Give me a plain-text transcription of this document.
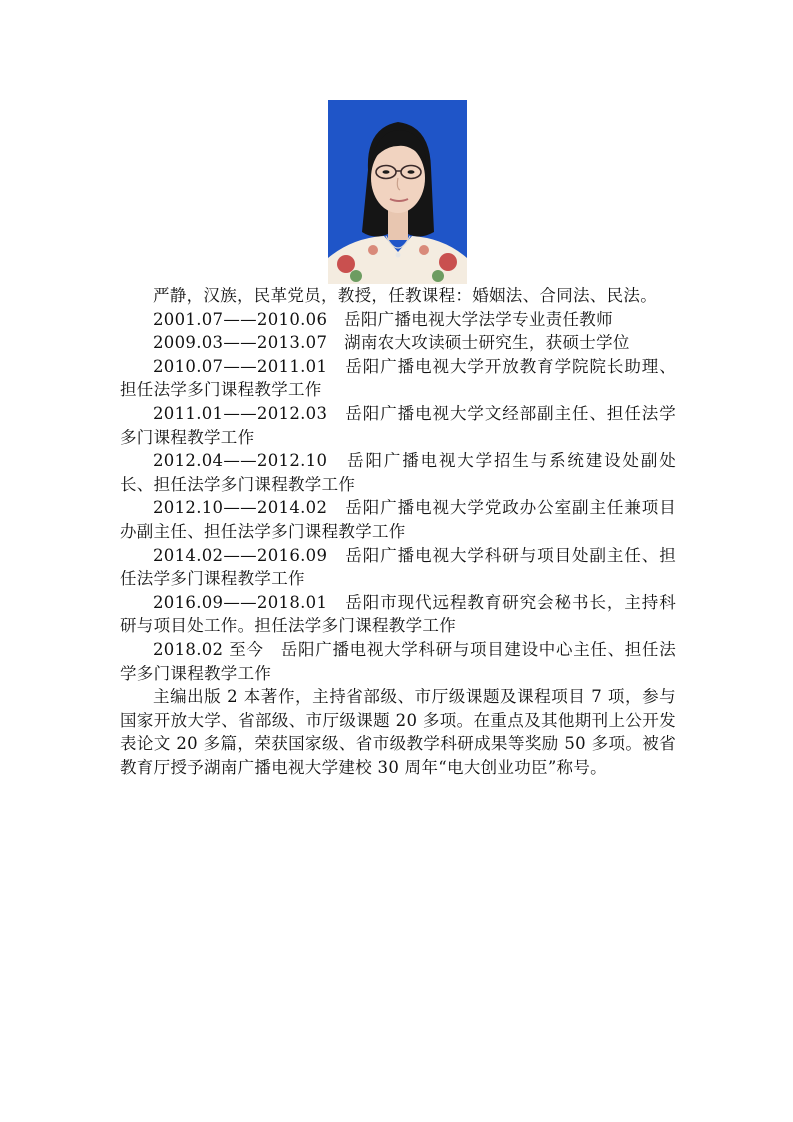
严静，汉族，民革党员，教授，任教课程：婚姻法、合同法、民法。

2001.07——2010.06　岳阳广播电视大学法学专业责任教师

2009.03——2013.07　湖南农大攻读硕士研究生，获硕士学位

2010.07——2011.01　岳阳广播电视大学开放教育学院院长助理、担任法学多门课程教学工作

2011.01——2012.03　岳阳广播电视大学文经部副主任、担任法学多门课程教学工作

2012.04——2012.10　岳阳广播电视大学招生与系统建设处副处长、担任法学多门课程教学工作

2012.10——2014.02　岳阳广播电视大学党政办公室副主任兼项目办副主任、担任法学多门课程教学工作

2014.02——2016.09　岳阳广播电视大学科研与项目处副主任、担任法学多门课程教学工作

2016.09——2018.01　岳阳市现代远程教育研究会秘书长，主持科研与项目处工作。担任法学多门课程教学工作

2018.02 至今　岳阳广播电视大学科研与项目建设中心主任、担任法学多门课程教学工作

主编出版 2 本著作，主持省部级、市厅级课题及课程项目 7 项，参与国家开放大学、省部级、市厅级课题 20 多项。在重点及其他期刊上公开发表论文 20 多篇，荣获国家级、省市级教学科研成果等奖励 50 多项。被省教育厅授予湖南广播电视大学建校 30 周年“电大创业功臣”称号。
